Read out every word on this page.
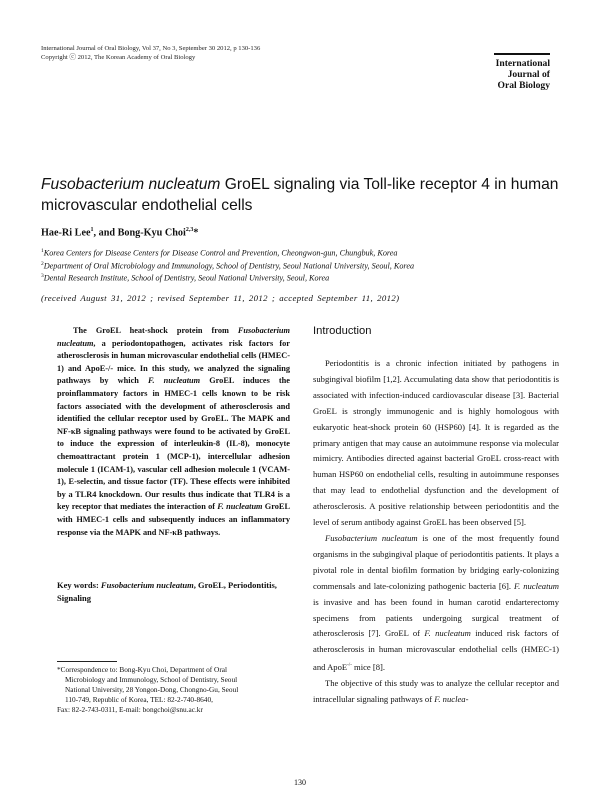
International Journal of Oral Biology, Vol 37, No 3, September 30 2012, p 130-136
Copyright ⓒ 2012, The Korean Academy of Oral Biology
International
Journal of
Oral Biology
Fusobacterium nucleatum GroEL signaling via Toll-like receptor 4 in human microvascular endothelial cells
Hae-Ri Lee$^1$, and Bong-Kyu Choi$^{2,3}$*
$^1$Korea Centers for Disease Centers for Disease Control and Prevention, Cheongwon-gun, Chungbuk, Korea
$^2$Department of Oral Microbiology and Immunology, School of Dentistry, Seoul National University, Seoul, Korea
$^3$Dental Research Institute, School of Dentistry, Seoul National University, Seoul, Korea
(received August 31, 2012 ; revised September 11, 2012 ; accepted September 11, 2012)

The GroEL heat-shock protein from Fusobacterium nucleatum, a periodontopathogen, activates risk factors for atherosclerosis in human microvascular endothelial cells (HMEC-1) and ApoE-/- mice. In this study, we analyzed the signaling pathways by which F. nucleatum GroEL induces the proinflammatory factors in HMEC-1 cells known to be risk factors associated with the development of atherosclerosis and identified the cellular receptor used by GroEL. The MAPK and NF-κB signaling pathways were found to be activated by GroEL to induce the expression of interleukin-8 (IL-8), monocyte chemoattractant protein 1 (MCP-1), intercellular adhesion molecule 1 (ICAM-1), vascular cell adhesion molecule 1 (VCAM-1), E-selectin, and tissue factor (TF). These effects were inhibited by a TLR4 knockdown. Our results thus indicate that TLR4 is a key receptor that mediates the interaction of F. nucleatum GroEL with HMEC-1 cells and subsequently induces an inflammatory response via the MAPK and NF-κB pathways.

Key words: Fusobacterium nucleatum, GroEL, Periodontitis, Signaling
*Correspondence to: Bong-Kyu Choi, Department of Oral
Microbiology and Immunology, School of Dentistry, Seoul
National University, 28 Yongon-Dong, Chongno-Gu, Seoul
110-749, Republic of Korea, TEL: 82-2-740-8640,
Fax: 82-2-743-0311, E-mail: bongchoi@snu.ac.kr
Introduction

Periodontitis is a chronic infection initiated by pathogens in subgingival biofilm [1,2]. Accumulating data show that periodontitis is associated with infection-induced cardiovascular disease [3]. Bacterial GroEL is strongly immunogenic and is highly homologous with eukaryotic heat-shock protein 60 (HSP60) [4]. It is regarded as the primary antigen that may cause an autoimmune response via molecular mimicry. Antibodies directed against bacterial GroEL cross-react with human HSP60 on endothelial cells, resulting in autoimmune responses that may lead to endothelial dysfunction and the development of atherosclerosis. A positive relationship between periodontitis and the level of serum antibody against GroEL has been observed [5].

Fusobacterium nucleatum is one of the most frequently found organisms in the subgingival plaque of periodontitis patients. It plays a pivotal role in dental biofilm formation by bridging early-colonizing commensals and late-colonizing pathogenic bacteria [6]. F. nucleatum is invasive and has been found in human carotid endarterectomy specimens from patients undergoing surgical treatment of atherosclerosis [7]. GroEL of F. nucleatum induced risk factors of atherosclerosis in human microvascular endothelial cells (HMEC-1) and ApoE-/- mice [8].

The objective of this study was to analyze the cellular receptor and intracellular signaling pathways of F. nuclea-

130
